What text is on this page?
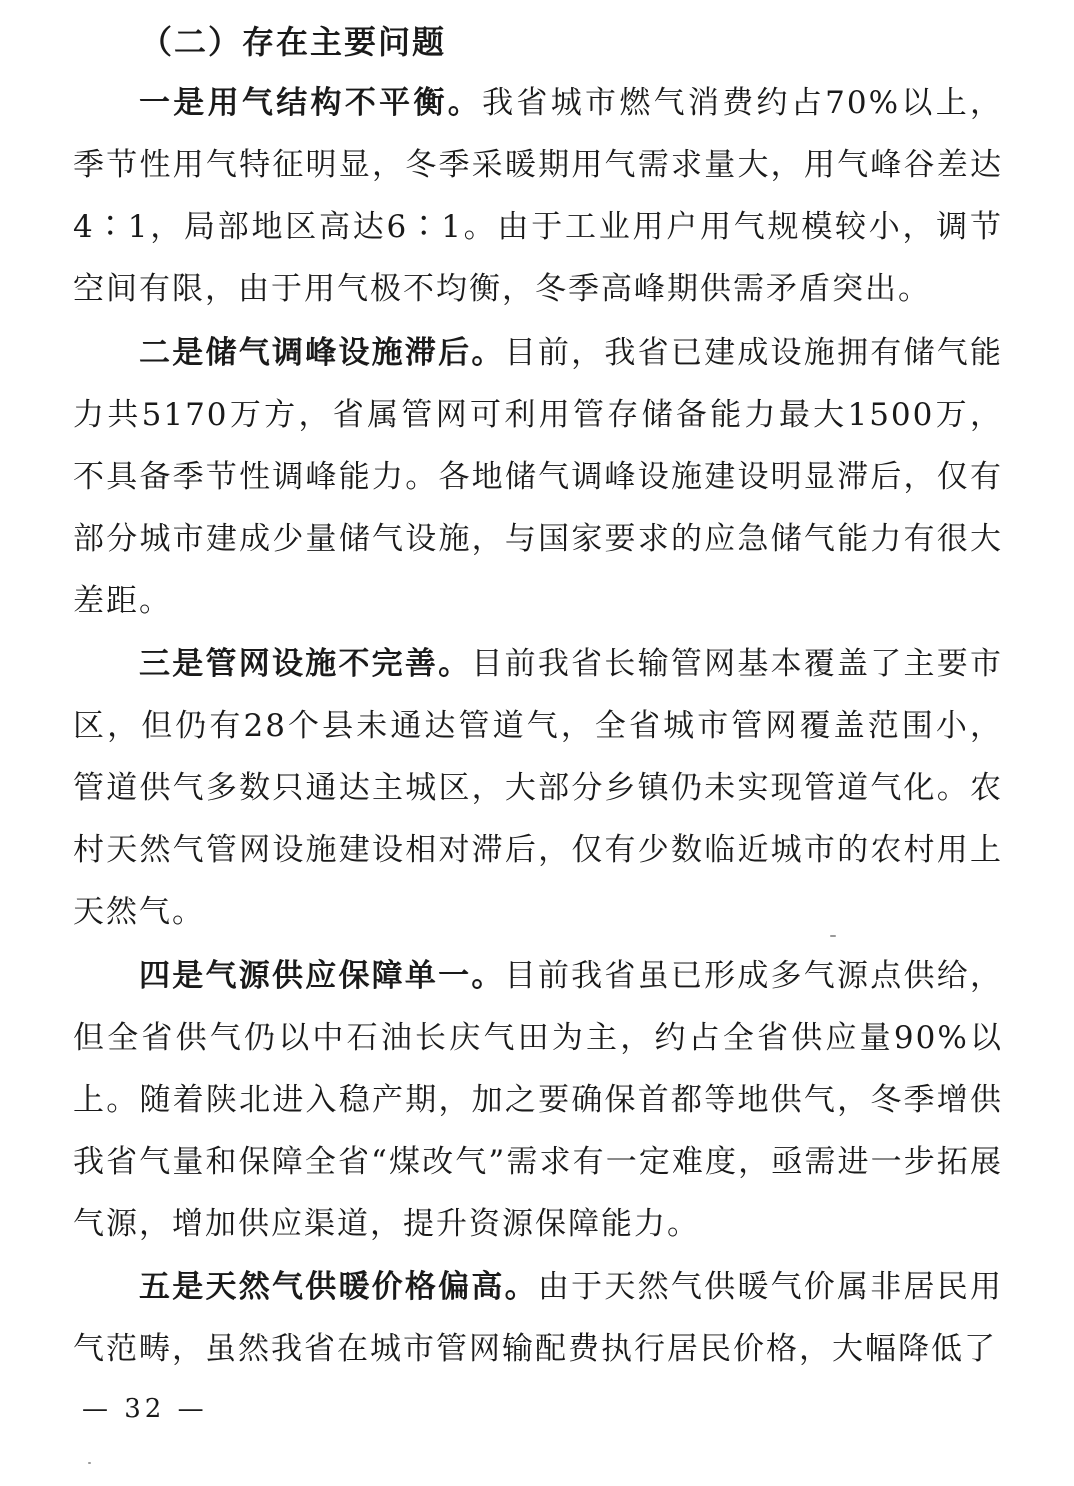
（二）存在主要问题

一是用气结构不平衡。我省城市燃气消费约占70%以上，季节性用气特征明显，冬季采暖期用气需求量大，用气峰谷差达4∶1，局部地区高达6∶1。由于工业用户用气规模较小，调节空间有限，由于用气极不均衡，冬季高峰期供需矛盾突出。

二是储气调峰设施滞后。目前，我省已建成设施拥有储气能力共5170万方，省属管网可利用管存储备能力最大1500万，不具备季节性调峰能力。各地储气调峰设施建设明显滞后，仅有部分城市建成少量储气设施，与国家要求的应急储气能力有很大差距。

三是管网设施不完善。目前我省长输管网基本覆盖了主要市区，但仍有28个县未通达管道气，全省城市管网覆盖范围小，管道供气多数只通达主城区，大部分乡镇仍未实现管道气化。农村天然气管网设施建设相对滞后，仅有少数临近城市的农村用上天然气。

四是气源供应保障单一。目前我省虽已形成多气源点供给，但全省供气仍以中石油长庆气田为主，约占全省供应量90%以上。随着陕北进入稳产期，加之要确保首都等地供气，冬季增供我省气量和保障全省“煤改气”需求有一定难度，亟需进一步拓展气源，增加供应渠道，提升资源保障能力。

五是天然气供暖价格偏高。由于天然气供暖气价属非居民用气范畴，虽然我省在城市管网输配费执行居民价格，大幅降低了

— 32 —
